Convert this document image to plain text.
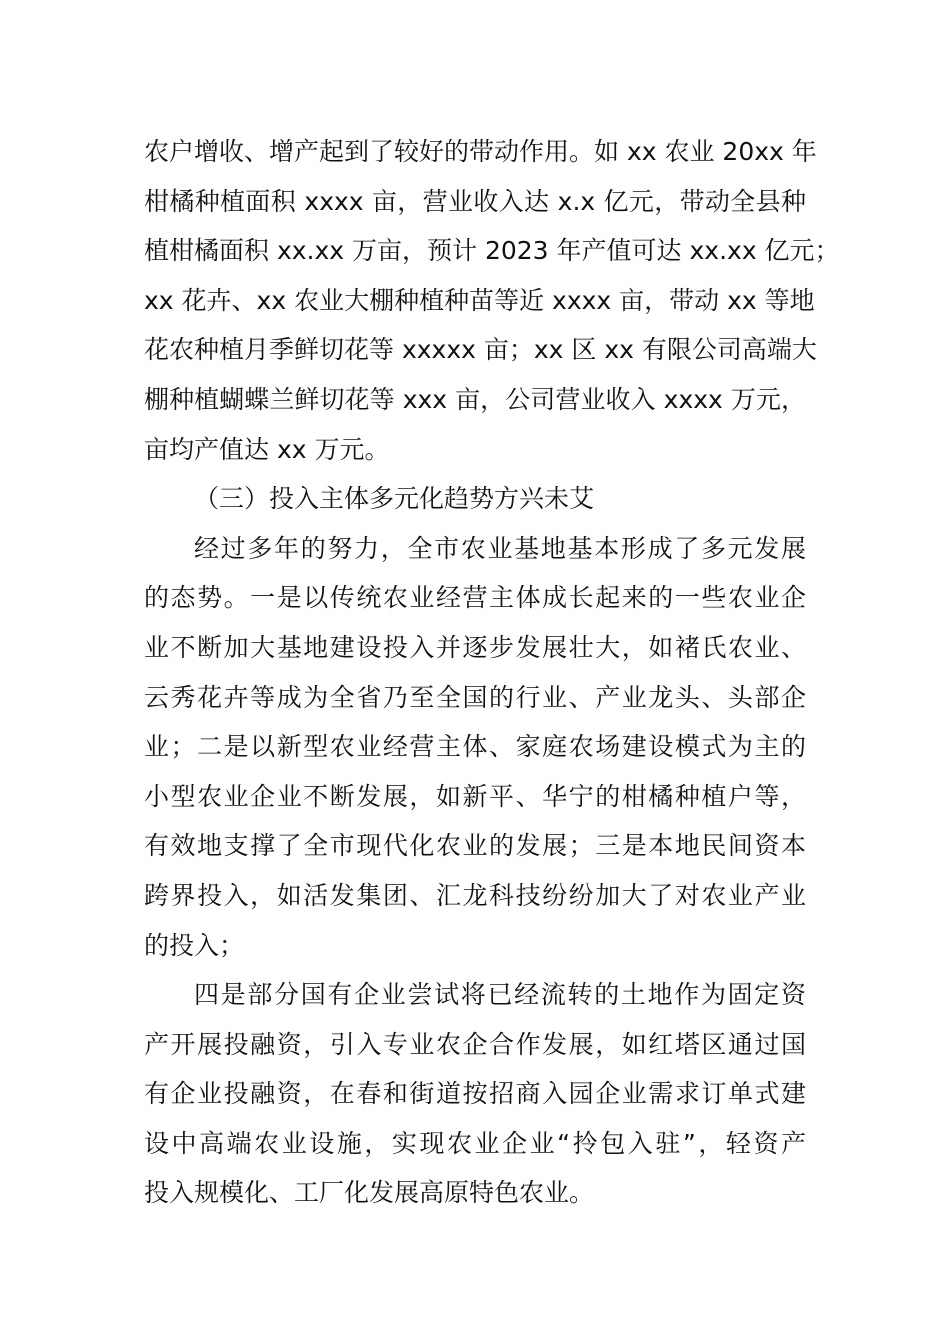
农户增收、增产起到了较好的带动作用。如 xx 农业 20xx 年
柑橘种植面积 xxxx 亩，营业收入达 x.x 亿元，带动全县种
植柑橘面积 xx.xx 万亩，预计 2023 年产值可达 xx.xx 亿元；
xx 花卉、xx 农业大棚种植种苗等近 xxxx 亩，带动 xx 等地
花农种植月季鲜切花等 xxxxx 亩；xx 区 xx 有限公司高端大
棚种植蝴蝶兰鲜切花等 xxx 亩，公司营业收入 xxxx 万元，
亩均产值达 xx 万元。
（三）投入主体多元化趋势方兴未艾
经过多年的努力，全市农业基地基本形成了多元发展
的态势。一是以传统农业经营主体成长起来的一些农业企
业不断加大基地建设投入并逐步发展壮大，如褚氏农业、
云秀花卉等成为全省乃至全国的行业、产业龙头、头部企
业；二是以新型农业经营主体、家庭农场建设模式为主的
小型农业企业不断发展，如新平、华宁的柑橘种植户等，
有效地支撑了全市现代化农业的发展；三是本地民间资本
跨界投入，如活发集团、汇龙科技纷纷加大了对农业产业
的投入；
四是部分国有企业尝试将已经流转的土地作为固定资
产开展投融资，引入专业农企合作发展，如红塔区通过国
有企业投融资，在春和街道按招商入园企业需求订单式建
设中高端农业设施，实现农业企业“拎包入驻”，轻资产
投入规模化、工厂化发展高原特色农业。
